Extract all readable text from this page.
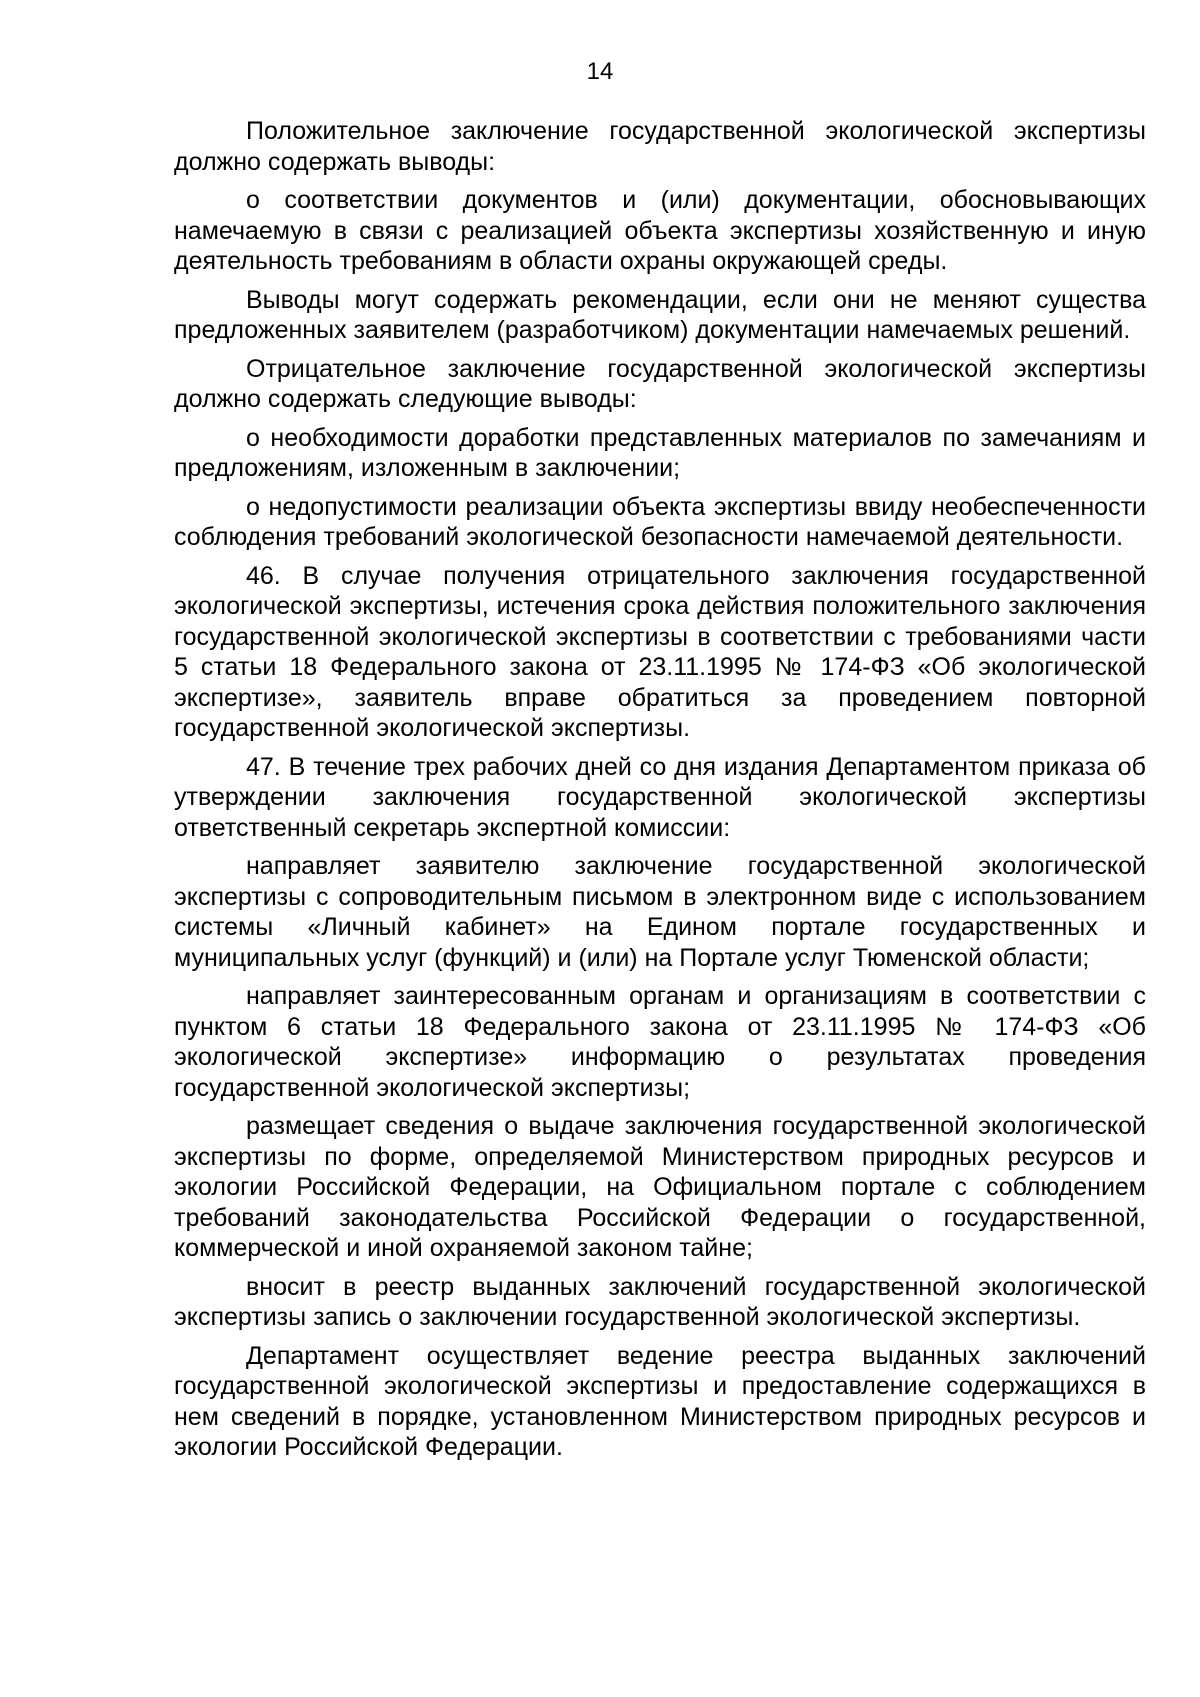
14

Положительное заключение государственной экологической экспертизы должно содержать выводы:

о соответствии документов и (или) документации, обосновывающих намечаемую в связи с реализацией объекта экспертизы хозяйственную и иную деятельность требованиям в области охраны окружающей среды.

Выводы могут содержать рекомендации, если они не меняют существа предложенных заявителем (разработчиком) документации намечаемых решений.

Отрицательное заключение государственной экологической экспертизы должно содержать следующие выводы:

о необходимости доработки представленных материалов по замечаниям и предложениям, изложенным в заключении;

о недопустимости реализации объекта экспертизы ввиду необеспеченности соблюдения требований экологической безопасности намечаемой деятельности.

46. В случае получения отрицательного заключения государственной экологической экспертизы, истечения срока действия положительного заключения государственной экологической экспертизы в соответствии с требованиями части 5 статьи 18 Федерального закона от 23.11.1995 № 174-ФЗ «Об экологической экспертизе», заявитель вправе обратиться за проведением повторной государственной экологической экспертизы.

47. В течение трех рабочих дней со дня издания Департаментом приказа об утверждении заключения государственной экологической экспертизы ответственный секретарь экспертной комиссии:

направляет заявителю заключение государственной экологической экспертизы с сопроводительным письмом в электронном виде с использованием системы «Личный кабинет» на Едином портале государственных и муниципальных услуг (функций) и (или) на Портале услуг Тюменской области;

направляет заинтересованным органам и организациям в соответствии с пунктом 6 статьи 18 Федерального закона от 23.11.1995 № 174-ФЗ «Об экологической экспертизе» информацию о результатах проведения государственной экологической экспертизы;

размещает сведения о выдаче заключения государственной экологической экспертизы по форме, определяемой Министерством природных ресурсов и экологии Российской Федерации, на Официальном портале с соблюдением требований законодательства Российской Федерации о государственной, коммерческой и иной охраняемой законом тайне;

вносит в реестр выданных заключений государственной экологической экспертизы запись о заключении государственной экологической экспертизы.

Департамент осуществляет ведение реестра выданных заключений государственной экологической экспертизы и предоставление содержащихся в нем сведений в порядке, установленном Министерством природных ресурсов и экологии Российской Федерации.
